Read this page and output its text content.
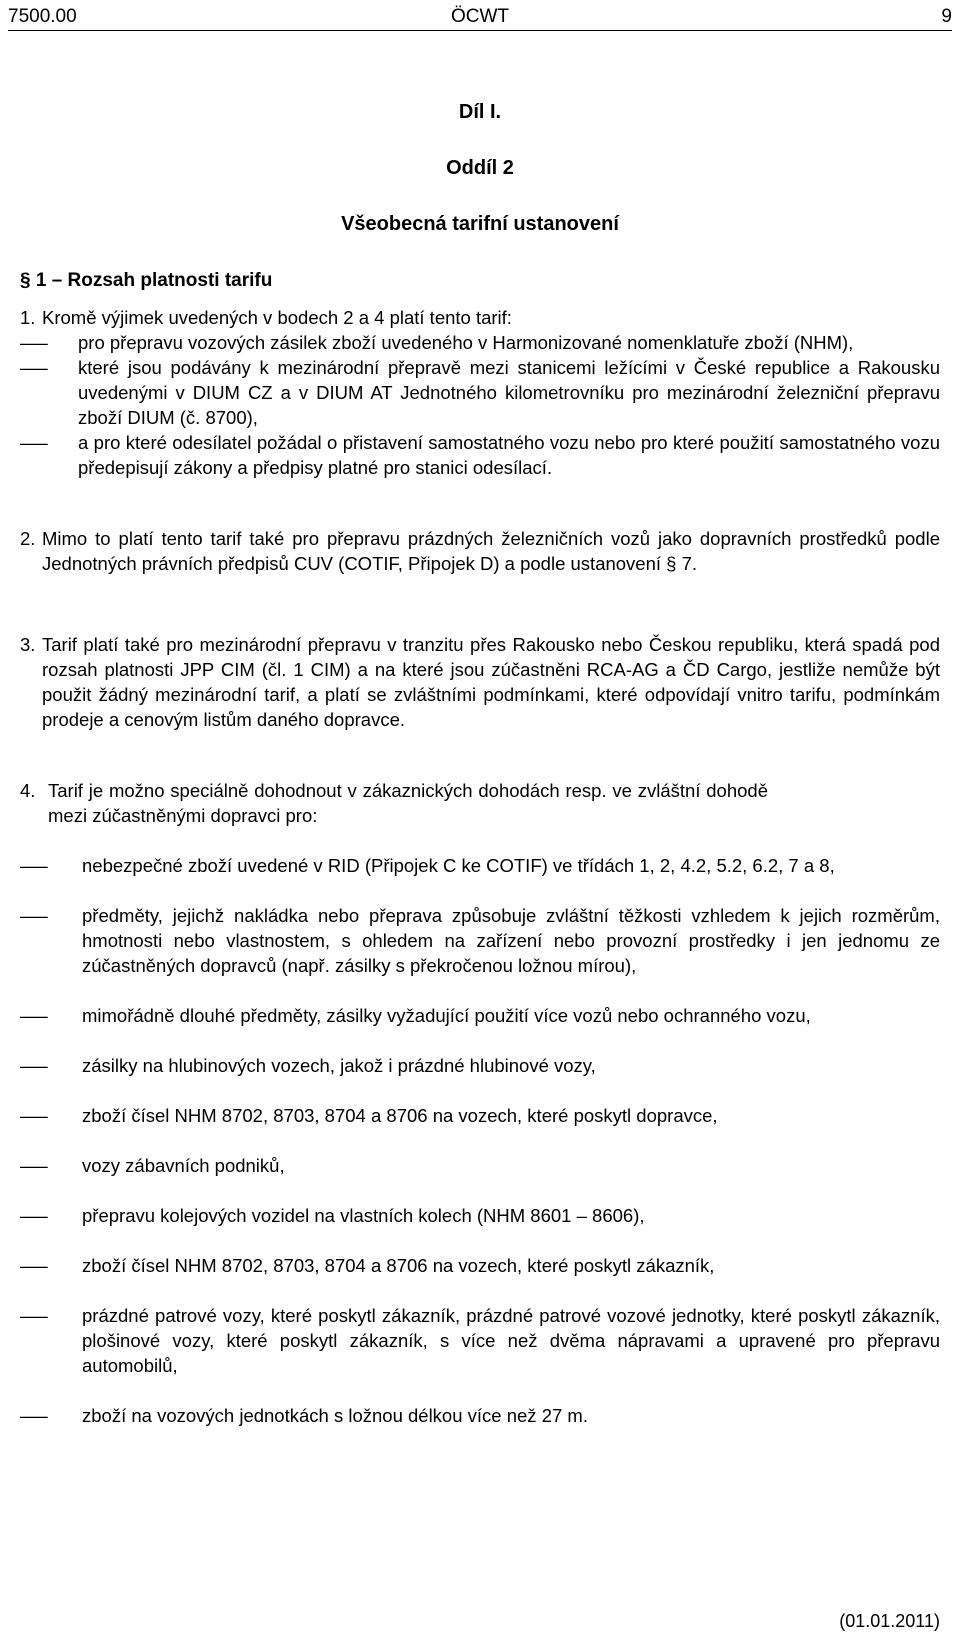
7500.00	ÖCWT	9
Díl I.
Oddíl 2
Všeobecná tarifní ustanovení
§ 1 – Rozsah platnosti tarifu
1. Kromě výjimek uvedených v bodech 2 a 4 platí tento tarif:
— pro přepravu vozových zásilek zboží uvedeného v Harmonizované nomenklatuře zboží (NHM),
— které jsou podávány k mezinárodní přepravě mezi stanicemi ležícími v České republice a Rakousku uvedenými v DIUM CZ a v DIUM AT Jednotného kilometrovníku pro mezinárodní železniční přepravu zboží DIUM (č. 8700),
— a pro které odesílatel požádal o přistavení samostatného vozu nebo pro které použití samostatného vozu předepisují zákony a předpisy platné pro stanici odesílací.
2. Mimo to platí tento tarif také pro přepravu prázdných železničních vozů jako dopravních prostředků podle Jednotných právních předpisů CUV (COTIF, Připojek D) a podle ustanovení § 7.
3. Tarif platí také pro mezinárodní přepravu v tranzitu přes Rakousko nebo Českou republiku, která spadá pod rozsah platnosti JPP CIM (čl. 1 CIM) a na které jsou zúčastněni RCA-AG a ČD Cargo, jestliže nemůže být použit žádný mezinárodní tarif, a platí se zvláštními podmínkami, které odpovídají vnitro tarifu, podmínkám prodeje a cenovým listům daného dopravce.
4. Tarif je možno speciálně dohodnout v zákaznických dohodách resp. ve zvláštní dohodě mezi zúčastněnými dopravci pro:
— nebezpečné zboží uvedené v RID (Připojek C ke COTIF) ve třídách 1, 2, 4.2, 5.2, 6.2, 7 a 8,
— předměty, jejichž nakládka nebo přeprava způsobuje zvláštní těžkosti vzhledem k jejich rozměrům, hmotnosti nebo vlastnostem, s ohledem na zařízení nebo provozní prostředky i jen jednomu ze zúčastněných dopravců (např. zásilky s překročenou ložnou mírou),
— mimořádně dlouhé předměty, zásilky vyžadující použití více vozů nebo ochranného vozu,
— zásilky na hlubinových vozech, jakož i prázdné hlubinové vozy,
— zboží čísel NHM 8702, 8703, 8704 a 8706 na vozech, které poskytl dopravce,
— vozy zábavních podniků,
— přepravu kolejových vozidel na vlastních kolech (NHM 8601 – 8606),
— zboží čísel NHM 8702, 8703, 8704 a 8706 na vozech, které poskytl zákazník,
— prázdné patrové vozy, které poskytl zákazník, prázdné patrové vozové jednotky, které poskytl zákazník, plošinové vozy, které poskytl zákazník, s více než dvěma nápravami a upravené pro přepravu automobilů,
— zboží na vozových jednotkách s ložnou délkou více než 27 m.
(01.01.2011)
